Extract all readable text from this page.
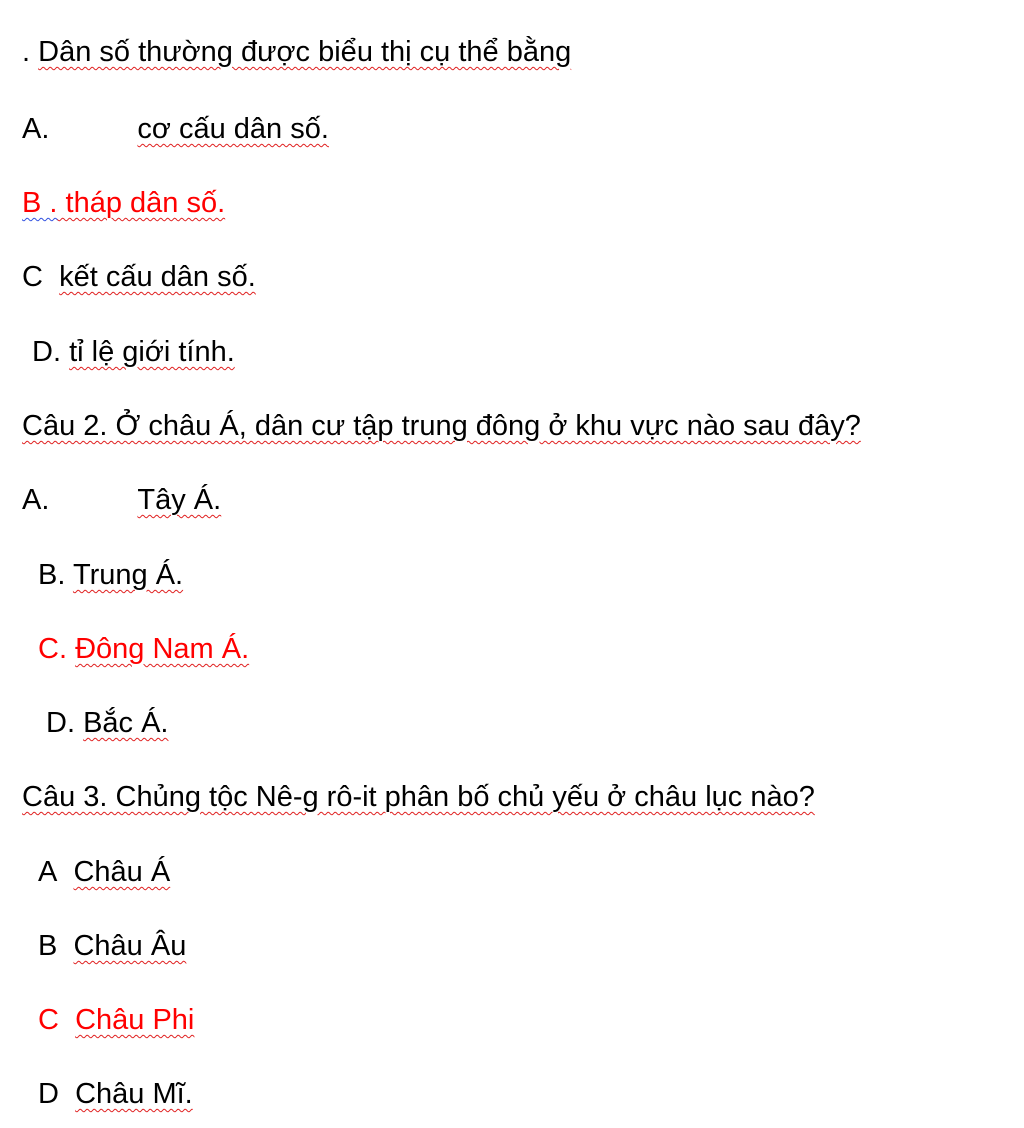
. Dân số thường được biểu thị cụ thể bằng
A.	cơ cấu dân số.
B . tháp dân số.
C kết cấu dân số.
D. tỉ lệ giới tính.
Câu 2. Ở châu Á, dân cư tập trung đông ở khu vực nào sau đây?
A.	Tây Á.
B. Trung Á.
C. Đông Nam Á.
D. Bắc Á.
Câu 3. Chủng tộc Nê-g rô-it phân bố chủ yếu ở châu lục nào?
A Châu Á
B Châu Âu
C Châu Phi
D Châu Mĩ.
